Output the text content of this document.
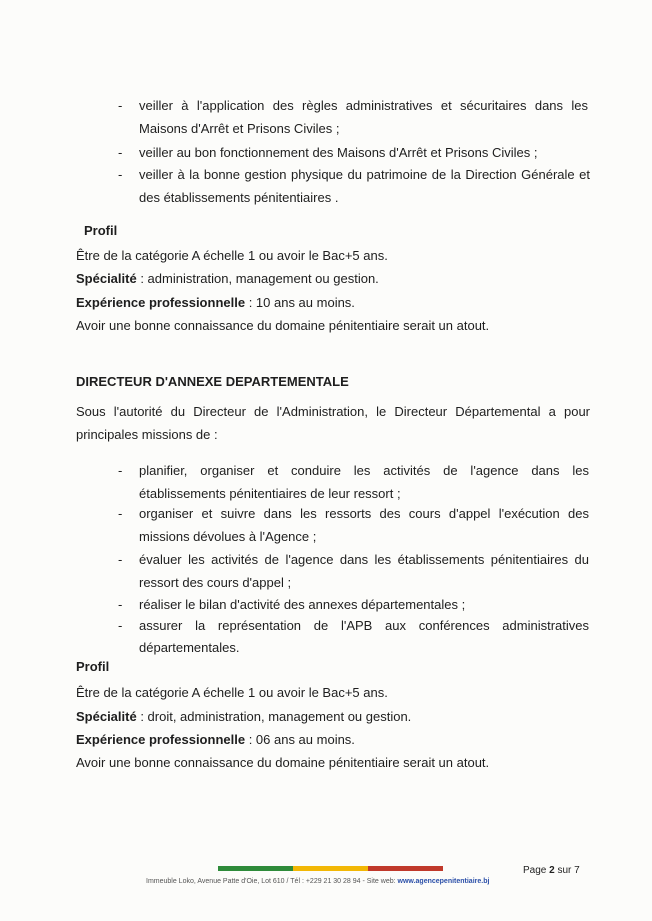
- veiller à l'application des règles administratives et sécuritaires dans les
Maisons d'Arrêt et Prisons Civiles ;
- veiller au bon fonctionnement des Maisons d'Arrêt et Prisons Civiles ;
- veiller à la bonne gestion physique du patrimoine de la Direction Générale et
des établissements pénitentiaires .
Profil
Être de la catégorie A échelle 1 ou avoir le Bac+5 ans.
Spécialité : administration, management ou gestion.
Expérience professionnelle : 10 ans au moins.
Avoir une bonne connaissance du domaine pénitentiaire serait un atout.
DIRECTEUR D'ANNEXE DEPARTEMENTALE
Sous l'autorité du Directeur de l'Administration, le Directeur Départemental a pour
principales missions de :
- planifier, organiser et conduire les activités de l'agence dans les
établissements pénitentiaires de leur ressort ;
- organiser et suivre dans les ressorts des cours d'appel l'exécution des
missions dévolues à l'Agence ;
- évaluer les activités de l'agence dans les établissements pénitentiaires du
ressort des cours d'appel ;
- réaliser le bilan d'activité des annexes départementales ;
- assurer la représentation de l'APB aux conférences administratives
départementales.
Profil
Être de la catégorie A échelle 1 ou avoir le Bac+5 ans.
Spécialité : droit, administration, management ou gestion.
Expérience professionnelle : 06 ans au moins.
Avoir une bonne connaissance du domaine pénitentiaire serait un atout.
Page 2 sur 7
Immeuble Loko, Avenue Patte d'Oie, Lot 610 / Tél : +229 21 30 28 94 - Site web: www.agencepenitentiaire.bj
